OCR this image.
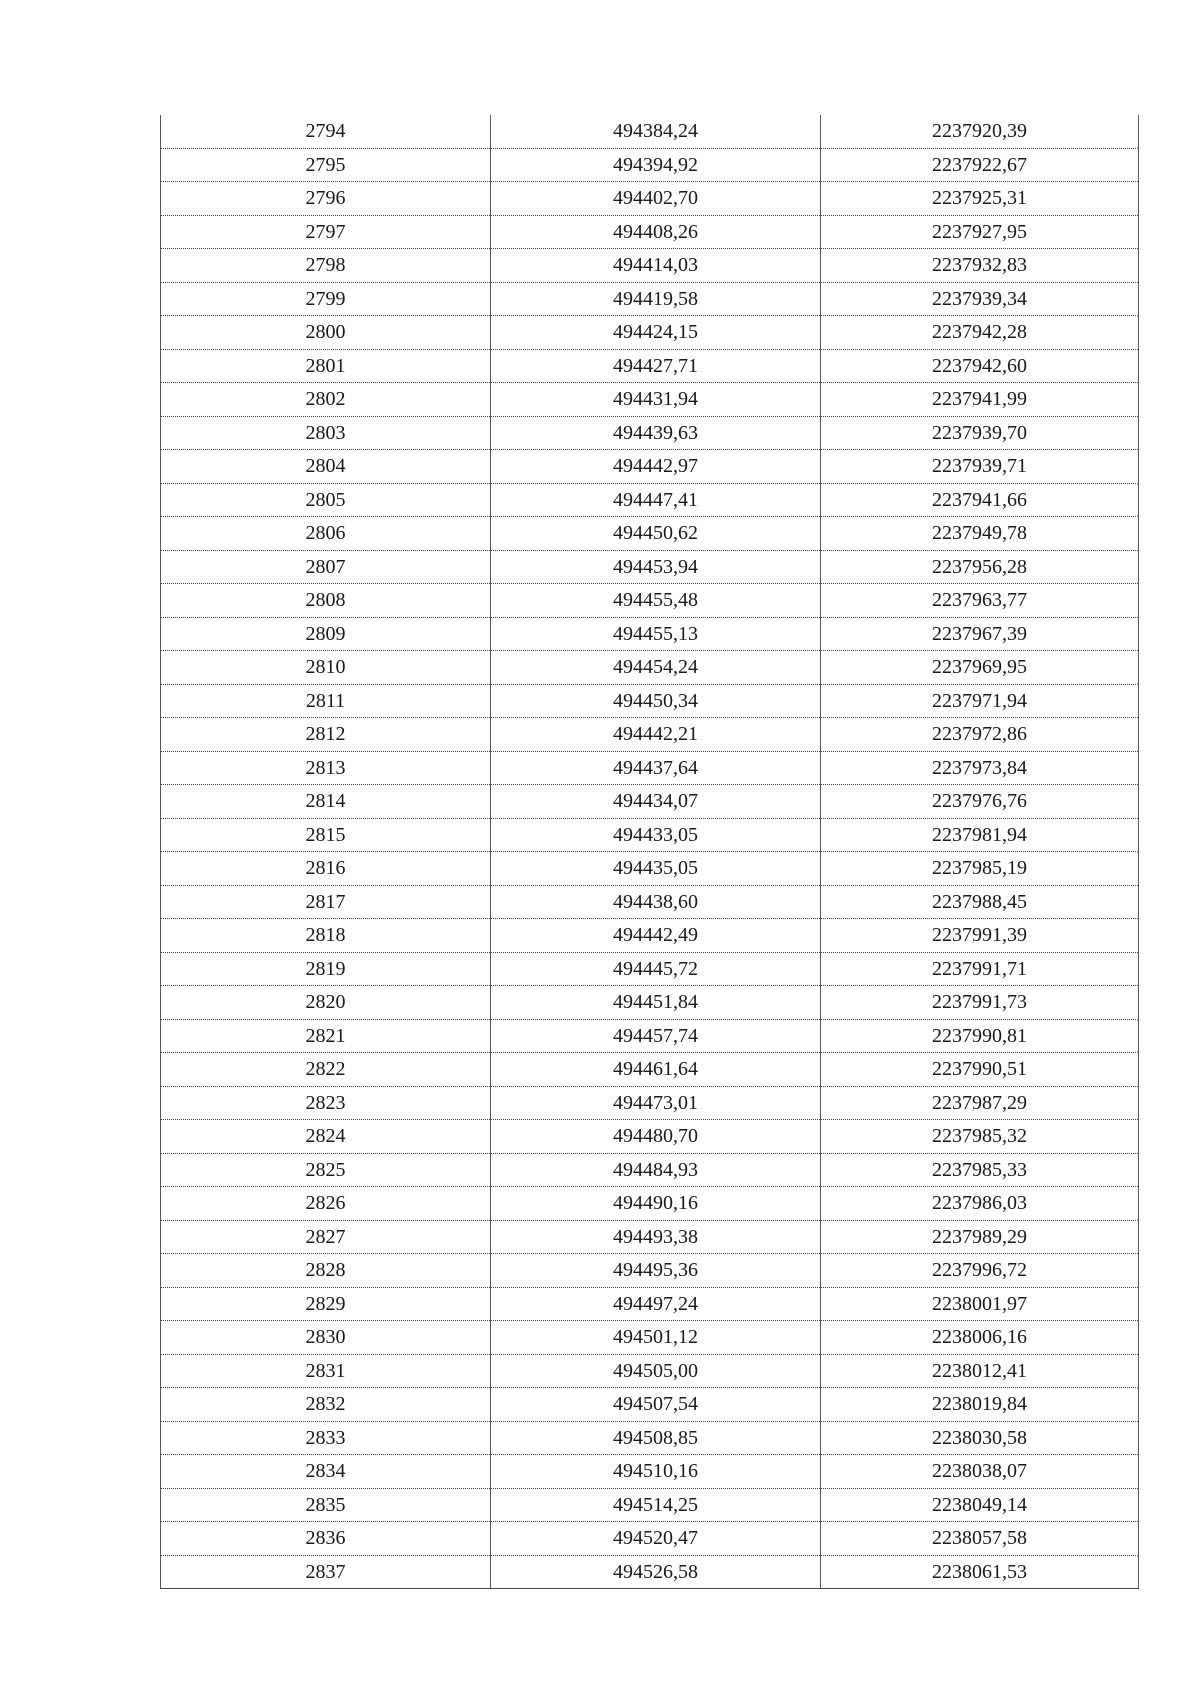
2794	494384,24	2237920,39
2795	494394,92	2237922,67
2796	494402,70	2237925,31
2797	494408,26	2237927,95
2798	494414,03	2237932,83
2799	494419,58	2237939,34
2800	494424,15	2237942,28
2801	494427,71	2237942,60
2802	494431,94	2237941,99
2803	494439,63	2237939,70
2804	494442,97	2237939,71
2805	494447,41	2237941,66
2806	494450,62	2237949,78
2807	494453,94	2237956,28
2808	494455,48	2237963,77
2809	494455,13	2237967,39
2810	494454,24	2237969,95
2811	494450,34	2237971,94
2812	494442,21	2237972,86
2813	494437,64	2237973,84
2814	494434,07	2237976,76
2815	494433,05	2237981,94
2816	494435,05	2237985,19
2817	494438,60	2237988,45
2818	494442,49	2237991,39
2819	494445,72	2237991,71
2820	494451,84	2237991,73
2821	494457,74	2237990,81
2822	494461,64	2237990,51
2823	494473,01	2237987,29
2824	494480,70	2237985,32
2825	494484,93	2237985,33
2826	494490,16	2237986,03
2827	494493,38	2237989,29
2828	494495,36	2237996,72
2829	494497,24	2238001,97
2830	494501,12	2238006,16
2831	494505,00	2238012,41
2832	494507,54	2238019,84
2833	494508,85	2238030,58
2834	494510,16	2238038,07
2835	494514,25	2238049,14
2836	494520,47	2238057,58
2837	494526,58	2238061,53
